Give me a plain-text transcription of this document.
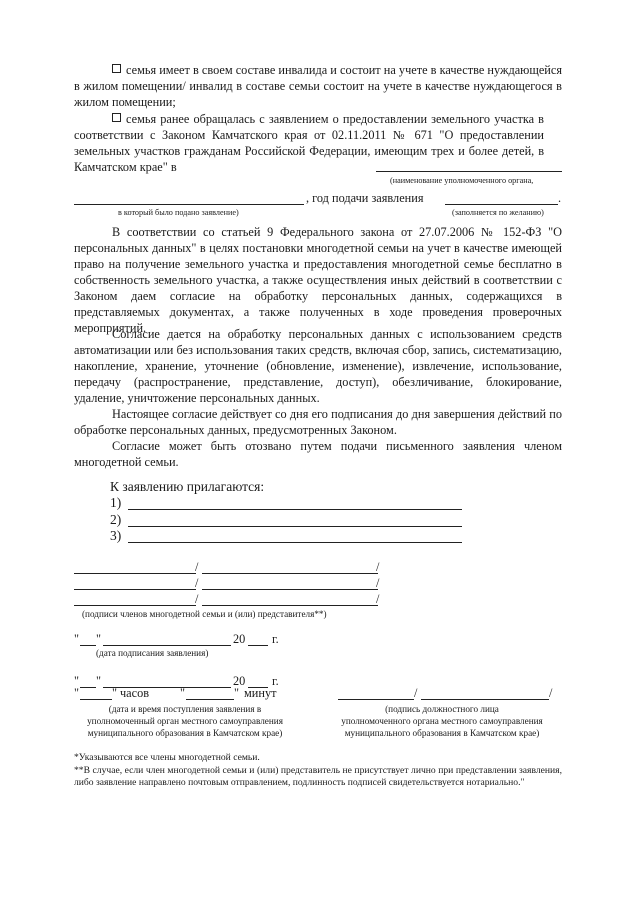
семья имеет в своем составе инвалида и состоит на учете в качестве нуждающейся в жилом помещении/ инвалид в составе семьи состоит на учете в качестве нуждающегося в жилом помещении;
семья ранее обращалась с заявлением о предоставлении земельного участка в соответствии с Законом Камчатского края от 02.11.2011 № 671 "О предоставлении земельных участков гражданам Российской Федерации, имеющим трех и более детей, в Камчатском крае" в
(наименование уполномоченного органа,
, год подачи заявления	.
в который было подано заявление)	(заполняется по желанию)
В соответствии со статьей 9 Федерального закона от 27.07.2006 № 152-ФЗ "О персональных данных" в целях постановки многодетной семьи на учет в качестве имеющей право на получение земельного участка и предоставления многодетной семье бесплатно в собственность земельного участка, а также осуществления иных действий в соответствии с Законом даем согласие на обработку персональных данных, содержащихся в представляемых документах, а также полученных в ходе проведения проверочных мероприятий.
Согласие дается на обработку персональных данных с использованием средств автоматизации или без использования таких средств, включая сбор, запись, систематизацию, накопление, хранение, уточнение (обновление, изменение), извлечение, использование, передачу (распространение, представление, доступ), обезличивание, блокирование, удаление, уничтожение персональных данных.
Настоящее согласие действует со дня его подписания до дня завершения действий по обработке персональных данных, предусмотренных Законом.
Согласие может быть отозвано путем подачи письменного заявления членом многодетной семьи.
К заявлению прилагаются:
1)
2)
3)
/	/
/	/
/	/
(подписи членов многодетной семьи и (или) представителя**)
" "	20 г.
(дата подписания заявления)
" "	20 г.
"	" часов	"	" минут	/	/
(дата и время поступления заявления в
уполномоченный орган местного самоуправления
муниципального образования в Камчатском крае)
(подпись должностного лица
уполномоченного органа местного самоуправления
муниципального образования в Камчатском крае)
*Указываются все члены многодетной семьи.
**В случае, если член многодетной семьи и (или) представитель не присутствует лично при представлении заявления, либо заявление направлено почтовым отправлением, подлинность подписей свидетельствуется нотариально."
